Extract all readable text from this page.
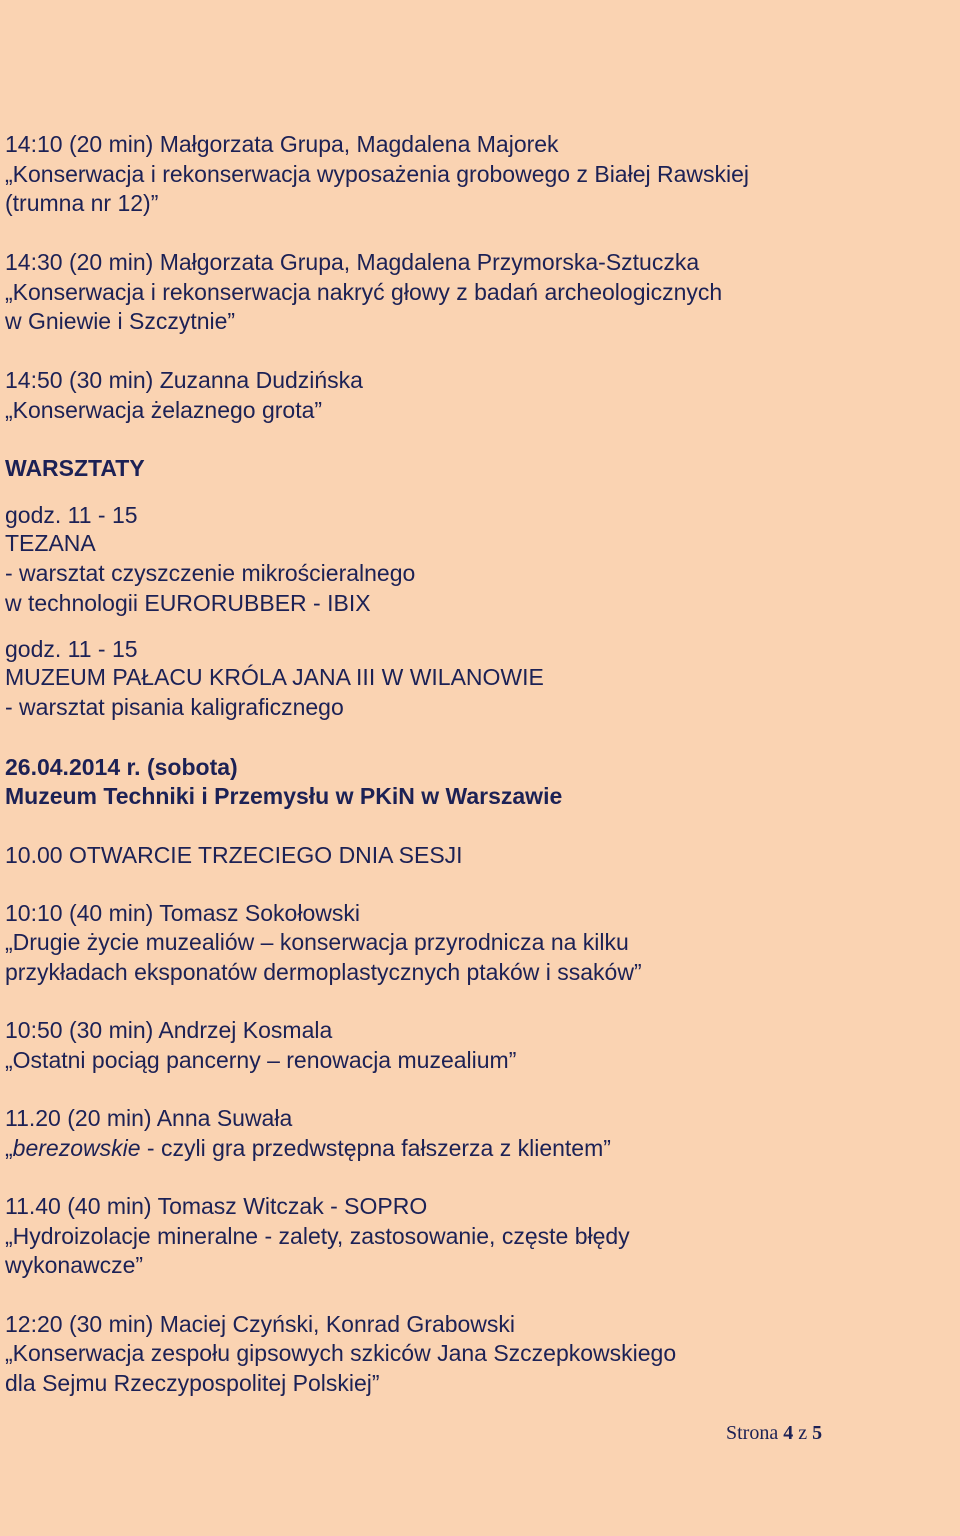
14:10 (20 min) Małgorzata Grupa, Magdalena Majorek

„Konserwacja i rekonserwacja wyposażenia grobowego z Białej Rawskiej

(trumna nr 12)”

14:30 (20 min) Małgorzata Grupa, Magdalena Przymorska-Sztuczka

„Konserwacja i rekonserwacja nakryć głowy z badań archeologicznych

w Gniewie i Szczytnie”

14:50 (30 min) Zuzanna Dudzińska

„Konserwacja żelaznego grota”

WARSZTATY

godz. 11 - 15

TEZANA

- warsztat czyszczenie mikrościeralnego

w technologii EURORUBBER - IBIX

godz. 11 - 15

MUZEUM PAŁACU KRÓLA JANA III W WILANOWIE

- warsztat pisania kaligraficznego

26.04.2014 r. (sobota)

Muzeum Techniki i Przemysłu w PKiN w Warszawie

10.00 OTWARCIE TRZECIEGO DNIA SESJI

10:10 (40 min) Tomasz Sokołowski

„Drugie życie muzealiów – konserwacja przyrodnicza na kilku

przykładach eksponatów dermoplastycznych ptaków i ssaków”

10:50 (30 min) Andrzej Kosmala

„Ostatni pociąg pancerny – renowacja muzealium”

11.20 (20 min) Anna Suwała

„berezowskie - czyli gra przedwstępna fałszerza z klientem”

11.40 (40 min) Tomasz Witczak - SOPRO

„Hydroizolacje mineralne - zalety, zastosowanie, częste błędy

wykonawcze”

12:20 (30 min) Maciej Czyński, Konrad Grabowski

„Konserwacja zespołu gipsowych szkiców Jana Szczepkowskiego

dla Sejmu Rzeczypospolitej Polskiej”

Strona 4 z 5
